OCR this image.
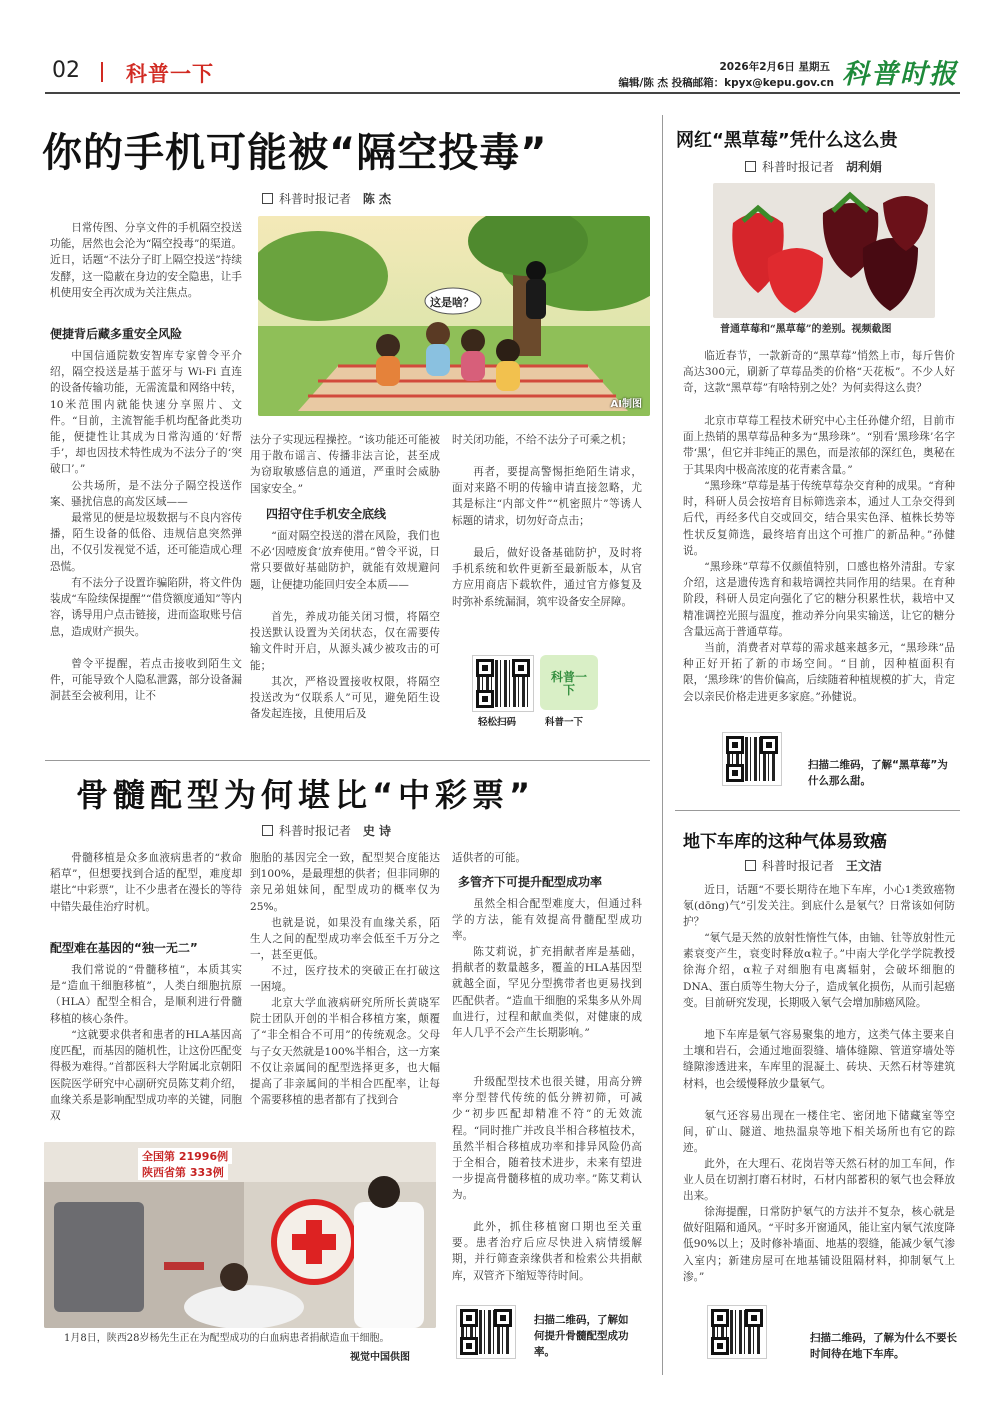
02 科普一下	2026年2月6日 星期五
编辑/陈 杰 投稿邮箱：kpyx@kepu.gov.cn 科普时报
你的手机可能被“隔空投毒”
科普时报记者 陈 杰
这是啥？
AI制图

日常传图、分享文件的手机隔空投送功能，居然也会沦为“隔空投毒”的渠道。近日，话题“不法分子盯上隔空投送”持续发酵，这一隐蔽在身边的安全隐患，让手机使用安全再次成为关注焦点。

便捷背后藏多重安全风险

中国信通院数安智库专家曾令平介绍，隔空投送是基于蓝牙与 Wi-Fi 直连的设备传输功能，无需流量和网络中转，10米范围内就能快速分享照片、文件。“目前，主流智能手机均配备此类功能，便捷性让其成为日常沟通的‘好帮手’，却也因技术特性成为不法分子的‘突破口’。”

公共场所，是不法分子隔空投送作案、骚扰信息的高发区域——

最常见的便是垃圾数据与不良内容传播，陌生设备的低俗、违规信息突然弹出，不仅引发视觉不适，还可能造成心理恐慌。

有不法分子设置诈骗陷阱，将文件伪装成“车险续保提醒”“借贷额度通知”等内容，诱导用户点击链接，进而盗取账号信息，造成财产损失。

曾令平提醒，若点击接收到陌生文件，可能导致个人隐私泄露，部分设备漏洞甚至会被利用，让不

法分子实现远程操控。“该功能还可能被用于散布谣言、传播非法言论，甚至成为窃取敏感信息的通道，严重时会威胁国家安全。”

四招守住手机安全底线

“面对隔空投送的潜在风险，我们也不必‘因噎废食’放弃使用。”曾令平说，日常只要做好基础防护，就能有效规避问题，让便捷功能回归安全本质——

首先，养成功能关闭习惯，将隔空投送默认设置为关闭状态，仅在需要传输文件时开启，从源头减少被攻击的可能；

其次，严格设置接收权限，将隔空投送改为“仅联系人”可见，避免陌生设备发起连接，且使用后及

时关闭功能，不给不法分子可乘之机；

再者，要提高警惕拒绝陌生请求，面对来路不明的传输申请直接忽略，尤其是标注“内部文件”“机密照片”等诱人标题的请求，切勿好奇点击；

最后，做好设备基础防护，及时将手机系统和软件更新至最新版本，从官方应用商店下载软件，通过官方修复及时弥补系统漏洞，筑牢设备安全屏障。

科普一下
轻松扫码	科普一下
骨髓配型为何堪比“中彩票”
科普时报记者 史 诗

骨髓移植是众多血液病患者的“救命稻草”，但想要找到合适的配型，难度却堪比“中彩票”，让不少患者在漫长的等待中错失最佳治疗时机。

配型难在基因的“独一无二”

我们常说的“骨髓移植”，本质其实是“造血干细胞移植”，人类白细胞抗原（HLA）配型全相合，是顺利进行骨髓移植的核心条件。

“这就要求供者和患者的HLA基因高度匹配，而基因的随机性，让这份匹配变得极为难得。”首都医科大学附属北京朝阳医院医学研究中心副研究员陈艾莉介绍，血缘关系是影响配型成功率的关键，同胞双

胞胎的基因完全一致，配型契合度能达到100%，是最理想的供者；但非同卵的亲兄弟姐妹间，配型成功的概率仅为25%。

也就是说，如果没有血缘关系，陌生人之间的配型成功率会低至千万分之一，甚至更低。

不过，医疗技术的突破正在打破这一困境。

北京大学血液病研究所所长黄晓军院士团队开创的半相合移植方案，颠覆了“非全相合不可用”的传统观念。父母与子女天然就是100%半相合，这一方案不仅让亲属间的配型选择更多，也大幅提高了非亲属间的半相合匹配率，让每个需要移植的患者都有了找到合

适供者的可能。

多管齐下可提升配型成功率

虽然全相合配型难度大，但通过科学的方法，能有效提高骨髓配型成功率。

陈艾莉说，扩充捐献者库是基础，捐献者的数量越多，覆盖的HLA基因型就越全面，罕见分型携带者也更易找到匹配供者。“造血干细胞的采集多从外周血进行，过程和献血类似，对健康的成年人几乎不会产生长期影响。”

升级配型技术也很关键，用高分辨率分型替代传统的低分辨初筛，可减少“初步匹配却精准不符”的无效流程。“同时推广并改良半相合移植技术，虽然半相合移植成功率和排异风险仍高于全相合，随着技术进步，未来有望进一步提高骨髓移植的成功率。”陈艾莉认为。

此外，抓住移植窗口期也至关重要。患者治疗后应尽快进入病情缓解期，并行筛查亲缘供者和检索公共捐献库，双管齐下缩短等待时间。

全国第 21996例
陕西省第 333例
1月8日，陕西28岁杨先生正在为配型成功的白血病患者捐献造血干细胞。
视觉中国供图
扫描二维码，了解如何提升骨髓配型成功率。
网红“黑草莓”凭什么这么贵
科普时报记者 胡利娟
普通草莓和“黑草莓”的差别。视频截图

临近春节，一款新奇的“黑草莓”悄然上市，每斤售价高达300元，刷新了草莓品类的价格“天花板”。不少人好奇，这款“黑草莓”有啥特别之处？为何卖得这么贵？

北京市草莓工程技术研究中心主任孙健介绍，目前市面上热销的黑草莓品种多为“黑珍珠”。“别看‘黑珍珠’名字带‘黑’，但它并非纯正的黑色，而是浓郁的深红色，奥秘在于其果肉中极高浓度的花青素含量。”

“黑珍珠”草莓是基于传统草莓杂交育种的成果。“育种时，科研人员会按培育目标筛选亲本，通过人工杂交得到后代，再经多代自交或回交，结合果实色泽、植株长势等性状反复筛选，最终培育出这个可推广的新品种。”孙健说。

“黑珍珠”草莓不仅颜值特别，口感也格外清甜。专家介绍，这是遗传选育和栽培调控共同作用的结果。在育种阶段，科研人员定向强化了它的糖分积累性状，栽培中又精准调控光照与温度，推动养分向果实输送，让它的糖分含量远高于普通草莓。

当前，消费者对草莓的需求越来越多元，“黑珍珠”品种正好开拓了新的市场空间。“目前，因种植面积有限，‘黑珍珠’的售价偏高，后续随着种植规模的扩大，肯定会以亲民价格走进更多家庭。”孙健说。

扫描二维码，了解“黑草莓”为什么那么甜。
地下车库的这种气体易致癌
科普时报记者 王文洁

近日，话题“不要长期待在地下车库，小心1类致癌物氡(dōng)气”引发关注。到底什么是氡气？日常该如何防护？

“氡气是天然的放射性惰性气体，由铀、钍等放射性元素衰变产生，衰变时释放α粒子。”中南大学化学学院教授徐海介绍，α粒子对细胞有电离辐射，会破坏细胞的DNA、蛋白质等生物大分子，造成氧化损伤，从而引起癌变。目前研究发现，长期吸入氡气会增加肺癌风险。

地下车库是氡气容易聚集的地方，这类气体主要来自土壤和岩石，会通过地面裂缝、墙体缝隙、管道穿墙处等缝隙渗透进来，车库里的混凝土、砖块、天然石材等建筑材料，也会缓慢释放少量氡气。

氡气还容易出现在一楼住宅、密闭地下储藏室等空间，矿山、隧道、地热温泉等地下相关场所也有它的踪迹。

此外，在大理石、花岗岩等天然石材的加工车间，作业人员在切割打磨石材时，石材内部蓄积的氡气也会释放出来。

徐海提醒，日常防护氡气的方法并不复杂，核心就是做好阻隔和通风。“平时多开窗通风，能让室内氡气浓度降低90%以上；及时修补墙面、地基的裂缝，能减少氡气渗入室内；新建房屋可在地基铺设阻隔材料，抑制氡气上渗。”

扫描二维码，了解为什么不要长时间待在地下车库。
